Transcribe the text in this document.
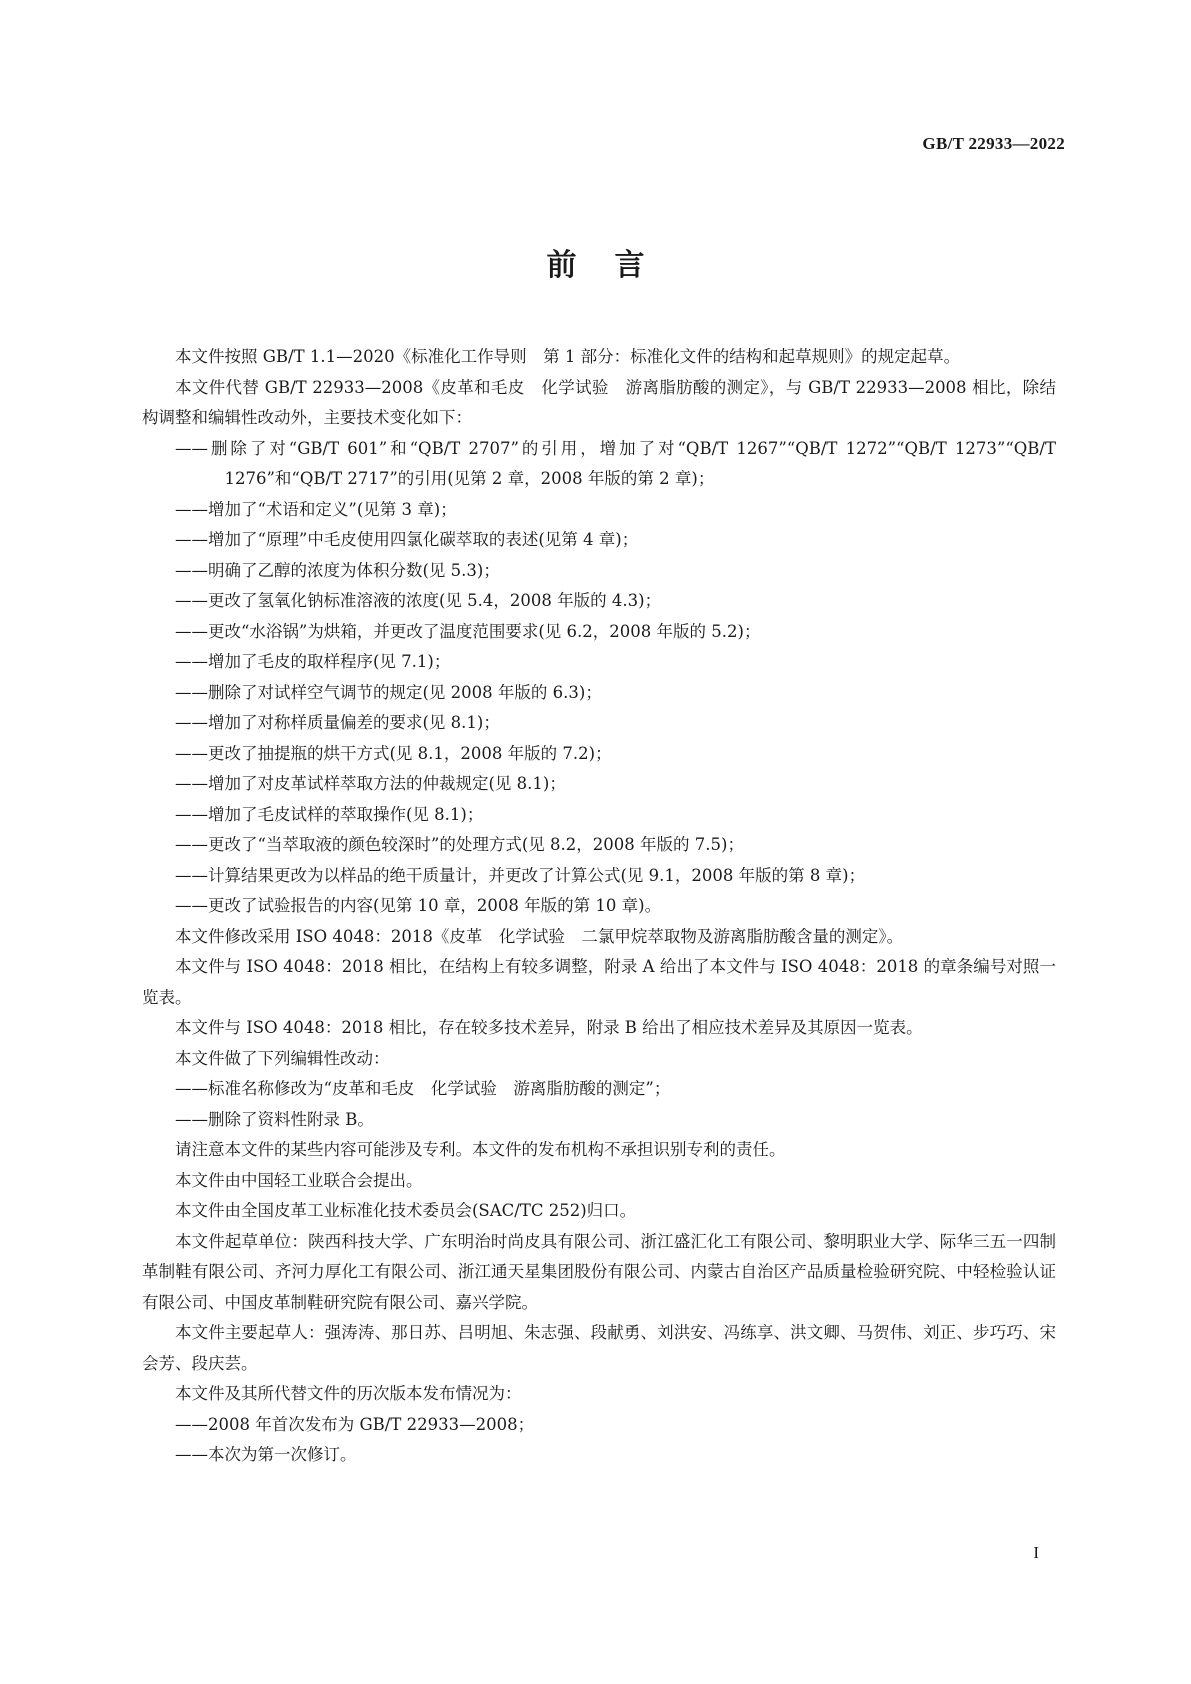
GB/T 22933—2022
前言

本文件按照 GB/T 1.1—2020《标准化工作导则　第 1 部分：标准化文件的结构和起草规则》的规定起草。

本文件代替 GB/T 22933—2008《皮革和毛皮　化学试验　游离脂肪酸的测定》，与 GB/T 22933—2008 相比，除结构调整和编辑性改动外，主要技术变化如下：

——删除了对“GB/T 601”和“QB/T 2707”的引用，增加了对“QB/T 1267”“QB/T 1272”“QB/T 1273”“QB/T 1276”和“QB/T 2717”的引用(见第 2 章，2008 年版的第 2 章)；

——增加了“术语和定义”(见第 3 章)；

——增加了“原理”中毛皮使用四氯化碳萃取的表述(见第 4 章)；

——明确了乙醇的浓度为体积分数(见 5.3)；

——更改了氢氧化钠标准溶液的浓度(见 5.4，2008 年版的 4.3)；

——更改“水浴锅”为烘箱，并更改了温度范围要求(见 6.2，2008 年版的 5.2)；

——增加了毛皮的取样程序(见 7.1)；

——删除了对试样空气调节的规定(见 2008 年版的 6.3)；

——增加了对称样质量偏差的要求(见 8.1)；

——更改了抽提瓶的烘干方式(见 8.1，2008 年版的 7.2)；

——增加了对皮革试样萃取方法的仲裁规定(见 8.1)；

——增加了毛皮试样的萃取操作(见 8.1)；

——更改了“当萃取液的颜色较深时”的处理方式(见 8.2，2008 年版的 7.5)；

——计算结果更改为以样品的绝干质量计，并更改了计算公式(见 9.1，2008 年版的第 8 章)；

——更改了试验报告的内容(见第 10 章，2008 年版的第 10 章)。

本文件修改采用 ISO 4048：2018《皮革　化学试验　二氯甲烷萃取物及游离脂肪酸含量的测定》。

本文件与 ISO 4048：2018 相比，在结构上有较多调整，附录 A 给出了本文件与 ISO 4048：2018 的章条编号对照一览表。

本文件与 ISO 4048：2018 相比，存在较多技术差异，附录 B 给出了相应技术差异及其原因一览表。

本文件做了下列编辑性改动：

——标准名称修改为“皮革和毛皮　化学试验　游离脂肪酸的测定”；

——删除了资料性附录 B。

请注意本文件的某些内容可能涉及专利。本文件的发布机构不承担识别专利的责任。

本文件由中国轻工业联合会提出。

本文件由全国皮革工业标准化技术委员会(SAC/TC 252)归口。

本文件起草单位：陕西科技大学、广东明治时尚皮具有限公司、浙江盛汇化工有限公司、黎明职业大学、际华三五一四制革制鞋有限公司、齐河力厚化工有限公司、浙江通天星集团股份有限公司、内蒙古自治区产品质量检验研究院、中轻检验认证有限公司、中国皮革制鞋研究院有限公司、嘉兴学院。

本文件主要起草人：强涛涛、那日苏、吕明旭、朱志强、段献勇、刘洪安、冯练享、洪文卿、马贺伟、刘正、步巧巧、宋会芳、段庆芸。

本文件及其所代替文件的历次版本发布情况为：

——2008 年首次发布为 GB/T 22933—2008；

——本次为第一次修订。

I
